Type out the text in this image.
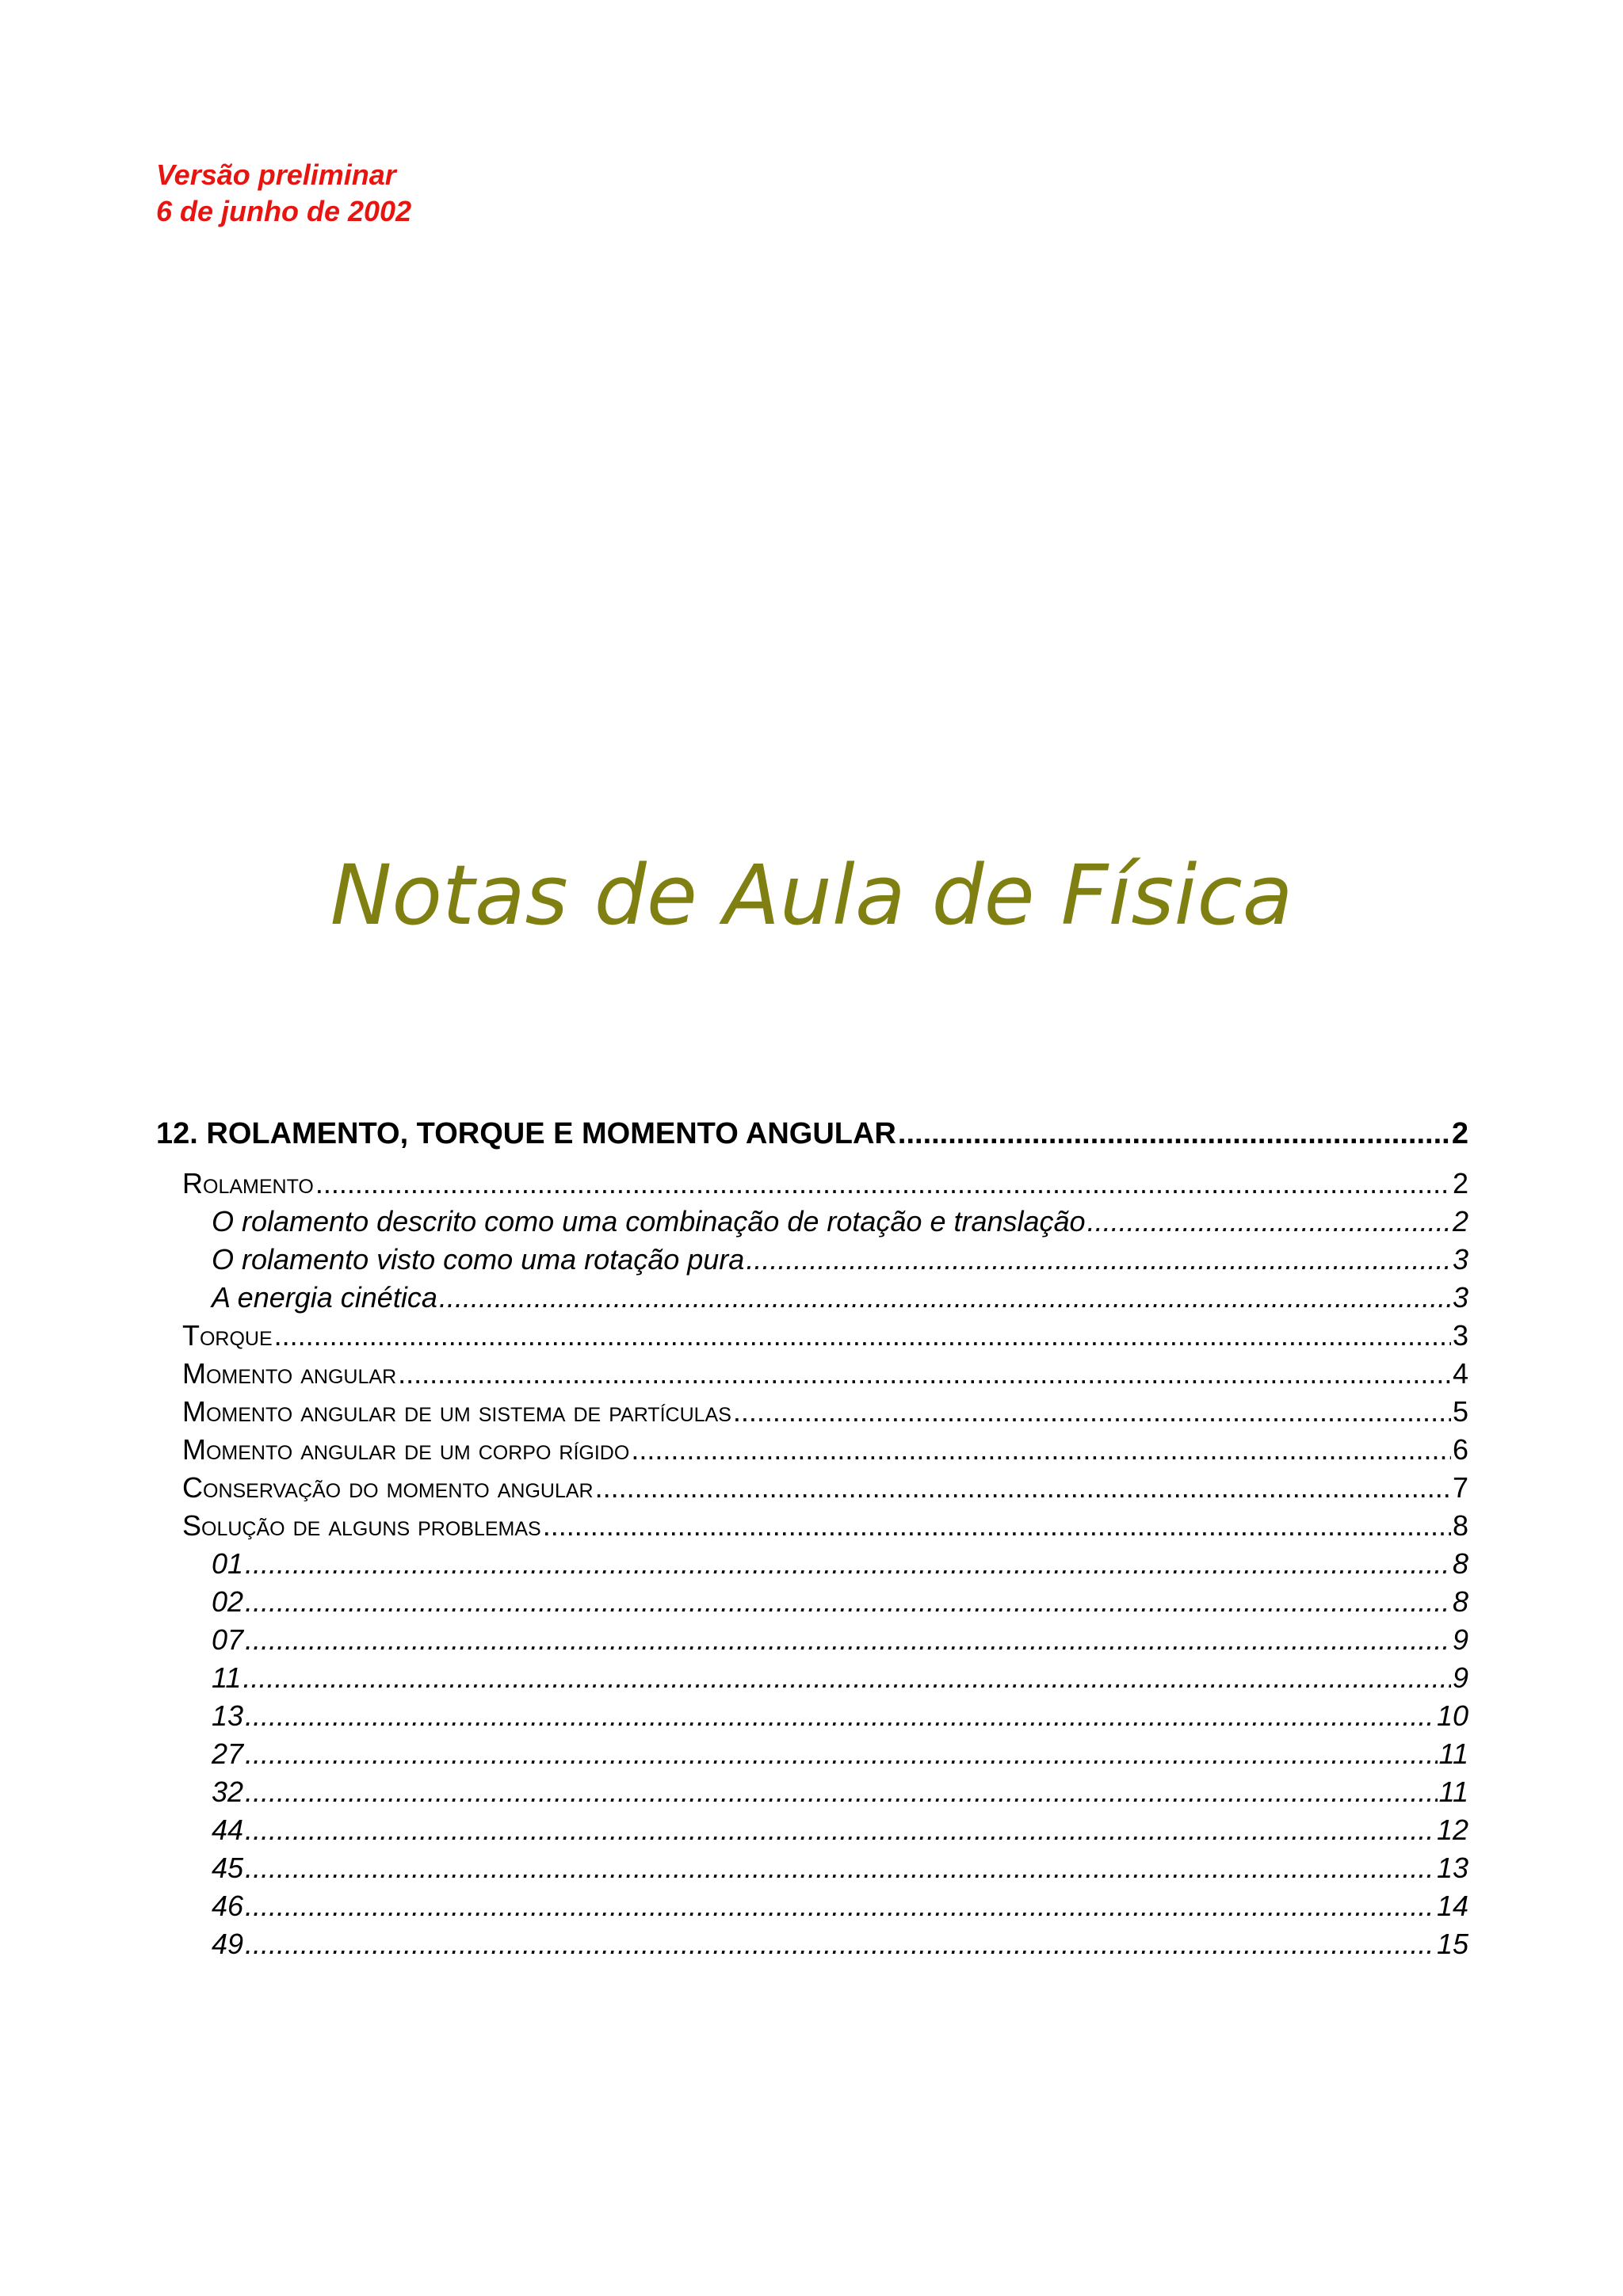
Versão preliminar
6 de junho de 2002
Notas de Aula de Física
12. ROLAMENTO, TORQUE E MOMENTO ANGULAR .....	2
Rolamento .....	2
O rolamento descrito como uma combinação de rotação e translação .....	2
O rolamento visto como uma rotação pura .....	3
A energia cinética .....	3
Torque .....	3
Momento angular .....	4
Momento angular de um sistema de partículas .....	5
Momento angular de um corpo rígido .....	6
Conservação do momento angular .....	7
Solução de alguns problemas .....	8
01 .....	8
02 .....	8
07 .....	9
11 .....	9
13 .....	10
27 .....	11
32 .....	11
44 .....	12
45 .....	13
46 .....	14
49 .....	15
